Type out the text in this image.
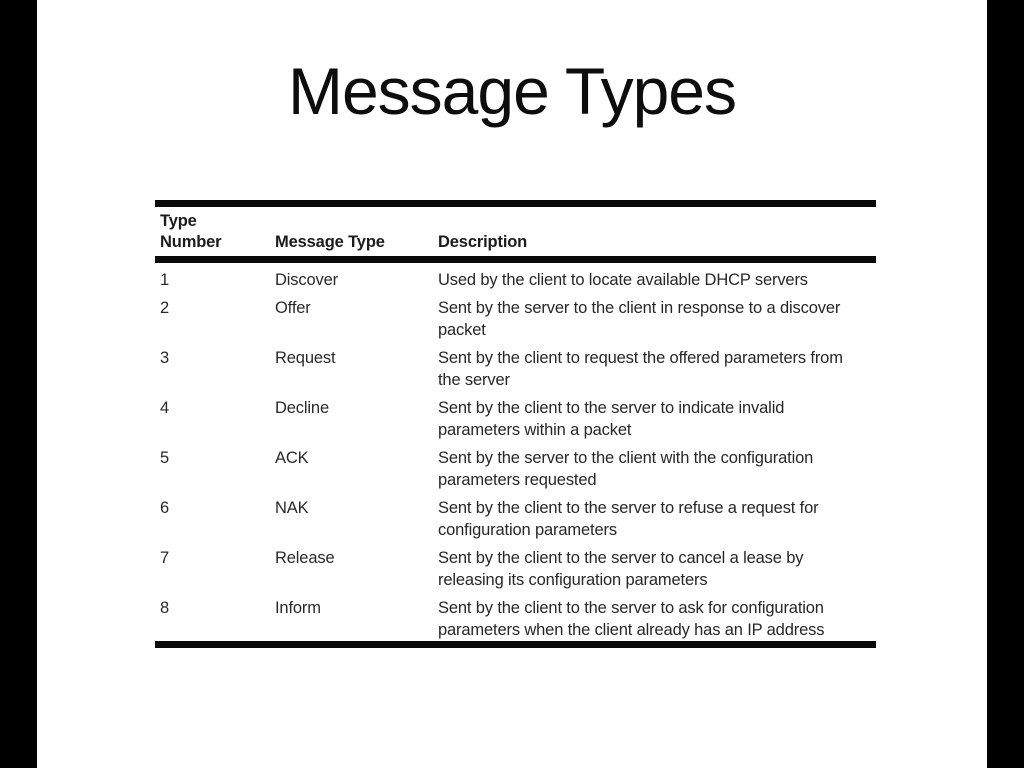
Message Types
Type
Number	Message Type	Description
1	Discover	Used by the client to locate available DHCP servers
2	Offer	Sent by the server to the client in response to a discover
packet
3	Request	Sent by the client to request the offered parameters from
the server
4	Decline	Sent by the client to the server to indicate invalid
parameters within a packet
5	ACK	Sent by the server to the client with the configuration
parameters requested
6	NAK	Sent by the client to the server to refuse a request for
configuration parameters
7	Release	Sent by the client to the server to cancel a lease by
releasing its configuration parameters
8	Inform	Sent by the client to the server to ask for configuration
parameters when the client already has an IP address
